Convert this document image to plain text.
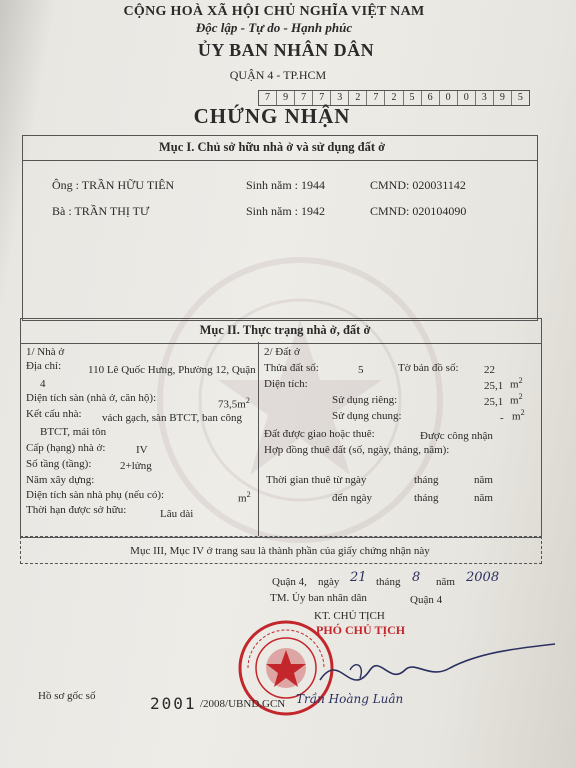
CỘNG HOÀ XÃ HỘI CHỦ NGHĨA VIỆT NAM
Độc lập - Tự do - Hạnh phúc
ỦY BAN NHÂN DÂN
QUẬN 4 - TP.HCM
7	9	7	7	3	2	7	2	5	6	0	0	3	9	5
CHỨNG NHẬN
Mục I. Chủ sở hữu nhà ở và sử dụng đất ở
Ông : TRẦN HỮU TIÊN	Sinh năm : 1944	CMND: 020031142
Bà : TRẦN THỊ TƯ	Sinh năm : 1942	CMND: 020104090
Mục II. Thực trạng nhà ở, đất ở
1/ Nhà ở
Địa chỉ: 110 Lê Quốc Hưng, Phường 12, Quận
4
Diện tích sàn (nhà ở, căn hộ):
$73,5m^2$
Kết cấu nhà: vách gạch, sàn BTCT, ban công
BTCT, mái tôn
Cấp (hạng) nhà ở:	IV
Số tầng (tầng):	2+lửng
Năm xây dựng:
Diện tích sàn nhà phụ (nếu có):	$m^2$
Thời hạn được sở hữu:	Lâu dài
2/ Đất ở
Thửa đất số:	5	Tờ bản đồ số: 22
Diện tích:	25,1 $m^2$
Sử dụng riêng:	25,1 $m^2$
Sử dụng chung:	- $m^2$
Đất được giao hoặc thuê:	Được công nhận
Hợp đồng thuê đất (số, ngày, tháng, năm):
Thời gian thuê từ ngày	tháng	năm
đến ngày	tháng	năm
Mục III, Mục IV ở trang sau là thành phần của giấy chứng nhận này
Quận 4, ngày 21 tháng 8 năm 2008
TM. Ủy ban nhân dân	Quận 4
KT. CHỦ TỊCH
PHÓ CHỦ TỊCH
Trần Hoàng Luân
Hồ sơ gốc số	2001 /2008/UBND.GCN
